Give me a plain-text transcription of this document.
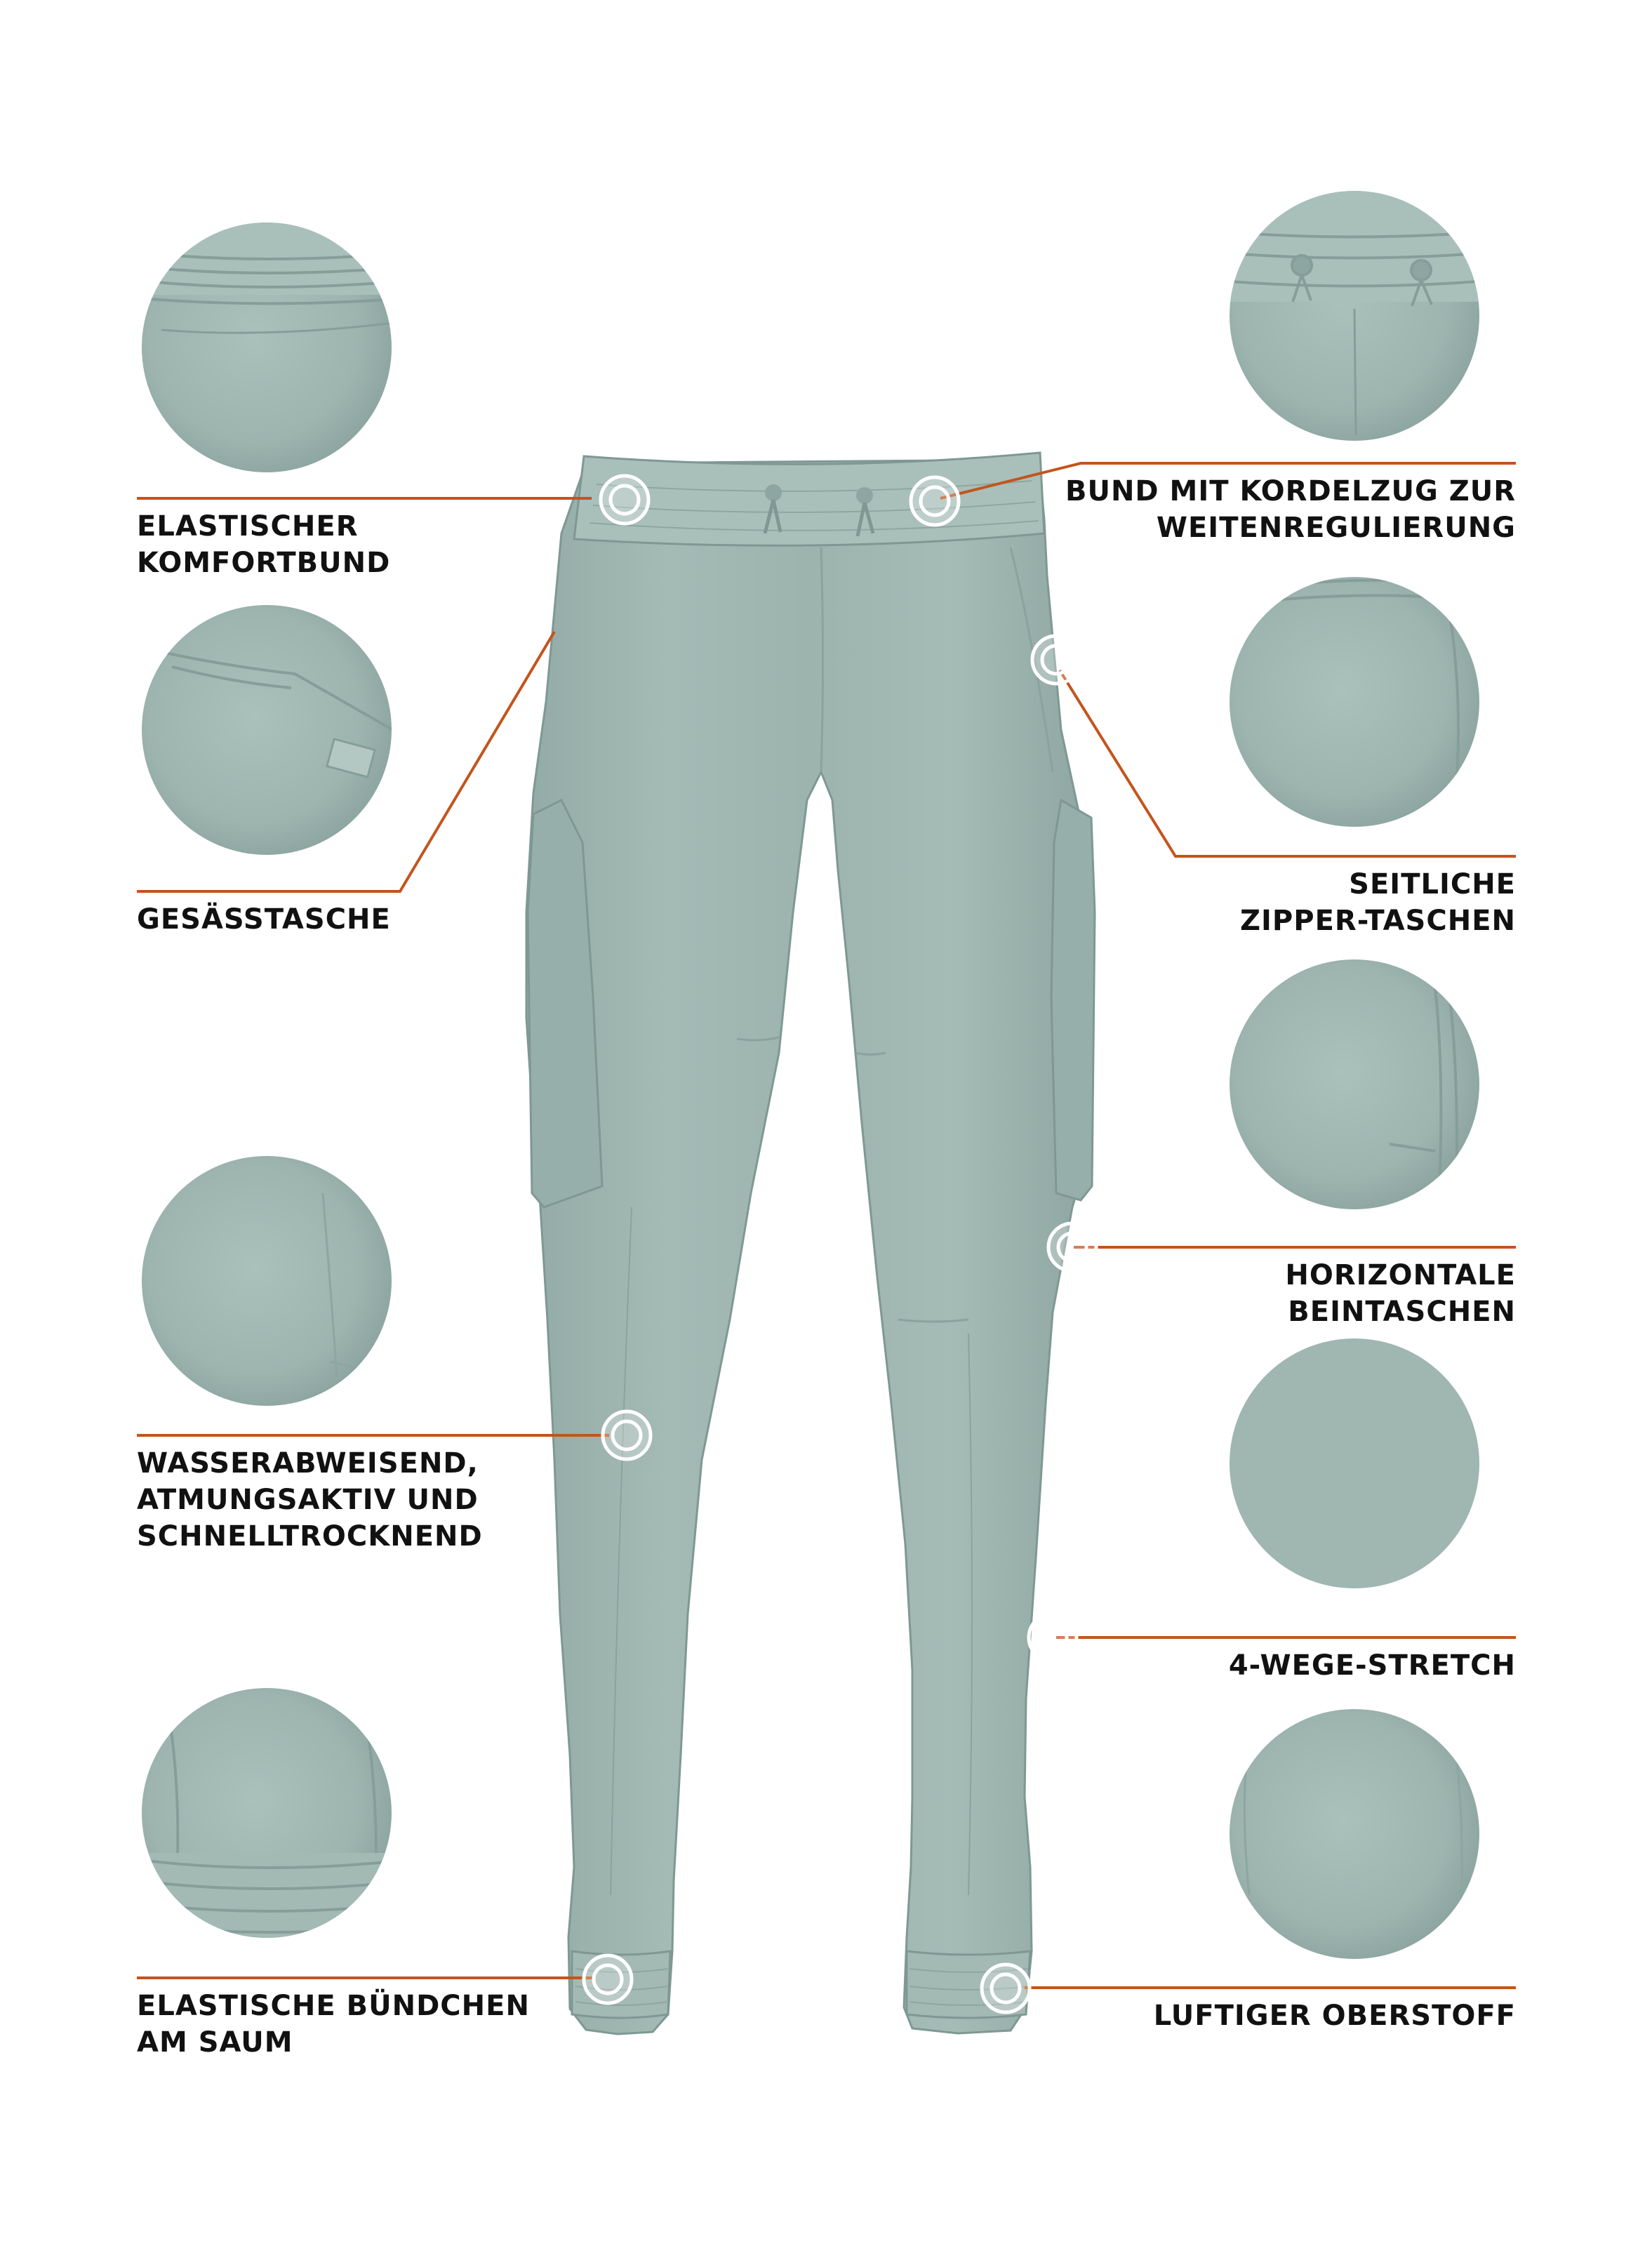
ELASTISCHER
KOMFORTBUND
BUND MIT KORDELZUG ZUR
WEITENREGULIERUNG
GESÄSSTASCHE
SEITLICHE
ZIPPER-TASCHEN
HORIZONTALE
BEINTASCHEN
WASSERABWEISEND,
ATMUNGSAKTIV UND
SCHNELLTROCKNEND
4-WEGE-STRETCH
ELASTISCHE BÜNDCHEN
AM SAUM
LUFTIGER OBERSTOFF
